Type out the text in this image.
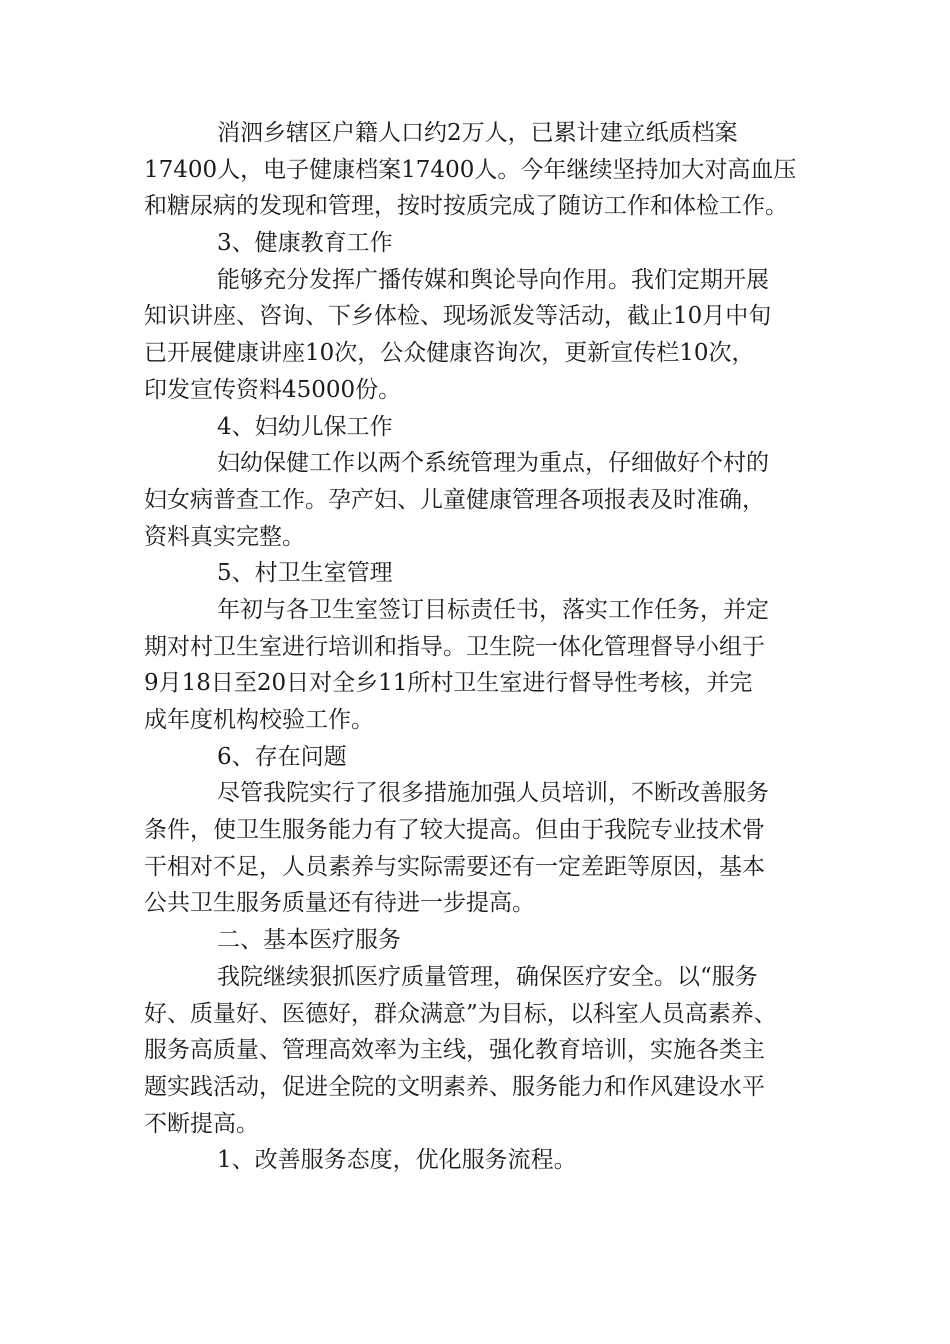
消泗乡辖区户籍人口约2万人，已累计建立纸质档案
17400人，电子健康档案17400人。今年继续坚持加大对高血压
和糖尿病的发现和管理，按时按质完成了随访工作和体检工作。
3、健康教育工作
能够充分发挥广播传媒和舆论导向作用。我们定期开展
知识讲座、咨询、下乡体检、现场派发等活动，截止10月中旬
已开展健康讲座10次，公众健康咨询次，更新宣传栏10次，
印发宣传资料45000份。
4、妇幼儿保工作
妇幼保健工作以两个系统管理为重点，仔细做好个村的
妇女病普查工作。孕产妇、儿童健康管理各项报表及时准确，
资料真实完整。
5、村卫生室管理
年初与各卫生室签订目标责任书，落实工作任务，并定
期对村卫生室进行培训和指导。卫生院一体化管理督导小组于
9月18日至20日对全乡11所村卫生室进行督导性考核，并完
成年度机构校验工作。
6、存在问题
尽管我院实行了很多措施加强人员培训，不断改善服务
条件，使卫生服务能力有了较大提高。但由于我院专业技术骨
干相对不足，人员素养与实际需要还有一定差距等原因，基本
公共卫生服务质量还有待进一步提高。
二、基本医疗服务
我院继续狠抓医疗质量管理，确保医疗安全。以“服务
好、质量好、医德好，群众满意”为目标，以科室人员高素养、
服务高质量、管理高效率为主线，强化教育培训，实施各类主
题实践活动，促进全院的文明素养、服务能力和作风建设水平
不断提高。
1、改善服务态度，优化服务流程。
